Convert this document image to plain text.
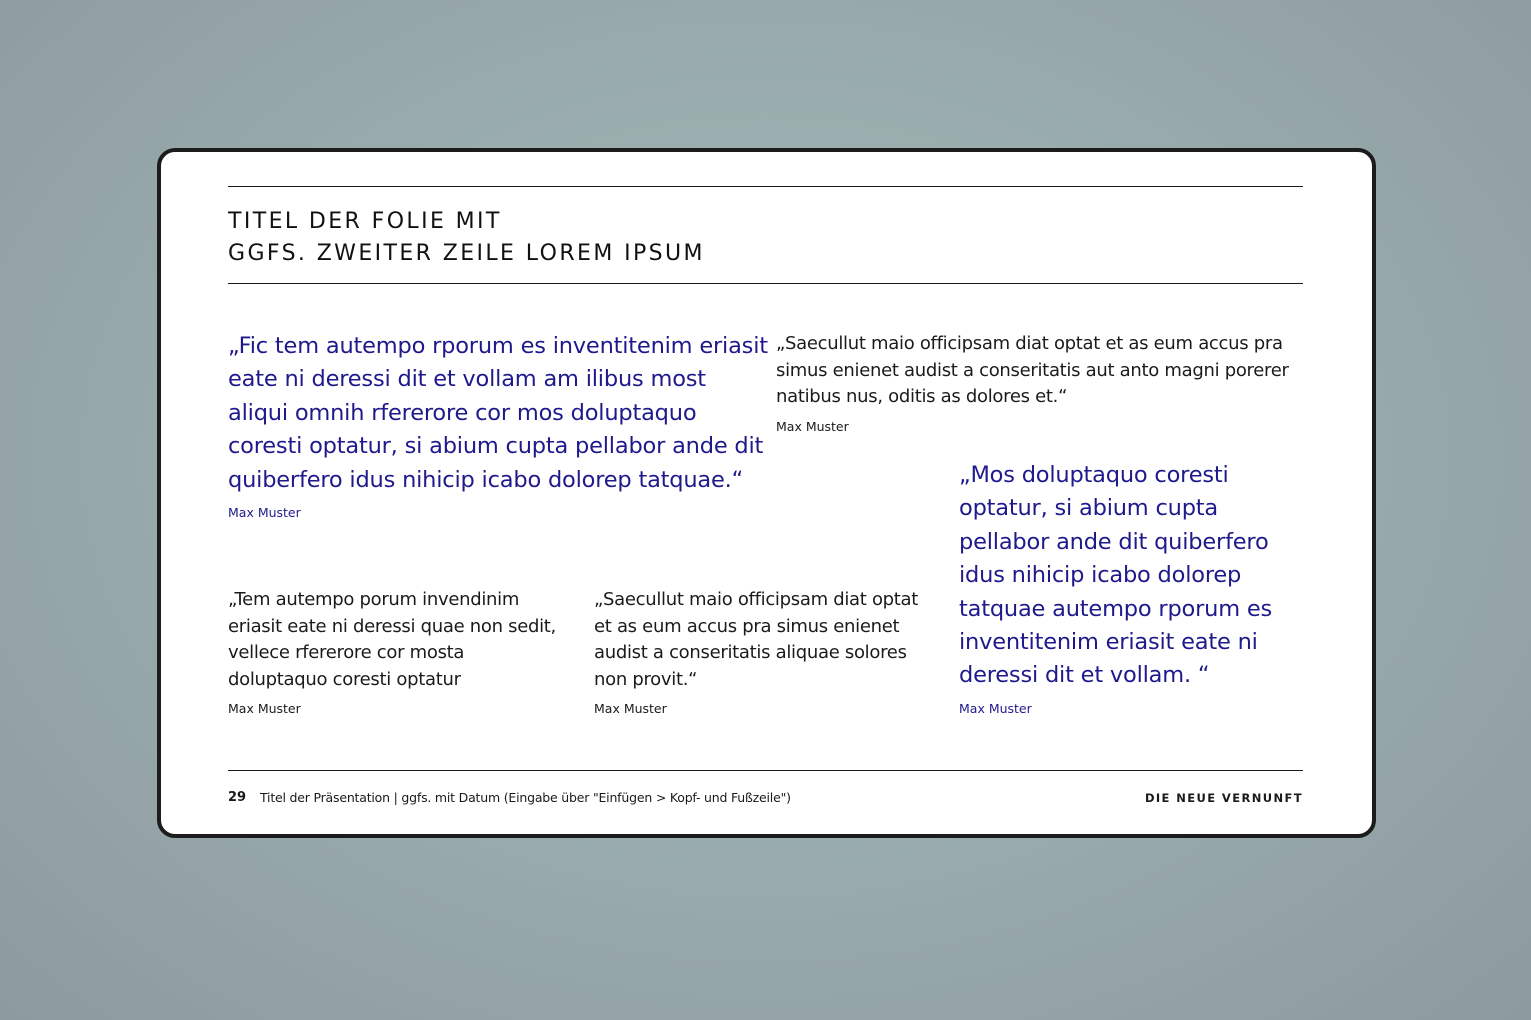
TITEL DER FOLIE MIT
GGFS. ZWEITER ZEILE LOREM IPSUM

„Fic tem autempo rporum es inventitenim eriasit eate ni deressi dit et vollam am ilibus most aliqui omnih rfererore cor mos doluptaquo coresti optatur, si abium cupta pellabor ande dit quiberfero idus nihicip icabo dolorep tatquae.“

Max Muster

„Saecullut maio officipsam diat optat et as eum accus pra simus enienet audist a conseritatis aut anto magni porerer natibus nus, oditis as dolores et.“

Max Muster

„Mos doluptaquo coresti optatur, si abium cupta pellabor ande dit quiberfero idus nihicip icabo dolorep tatquae autempo rporum es inventitenim eriasit eate ni deressi dit et vollam. “

Max Muster

„Tem autempo porum invendinim eriasit eate ni deressi quae non sedit, vellece rfererore cor mosta doluptaquo coresti optatur

Max Muster

„Saecullut maio officipsam diat optat et as eum accus pra simus enienet audist a conseritatis aliquae solores non provit.“

Max Muster
29 Titel der Präsentation | ggfs. mit Datum (Eingabe über "Einfügen > Kopf- und Fußzeile")	DIE NEUE VERNUNFT
